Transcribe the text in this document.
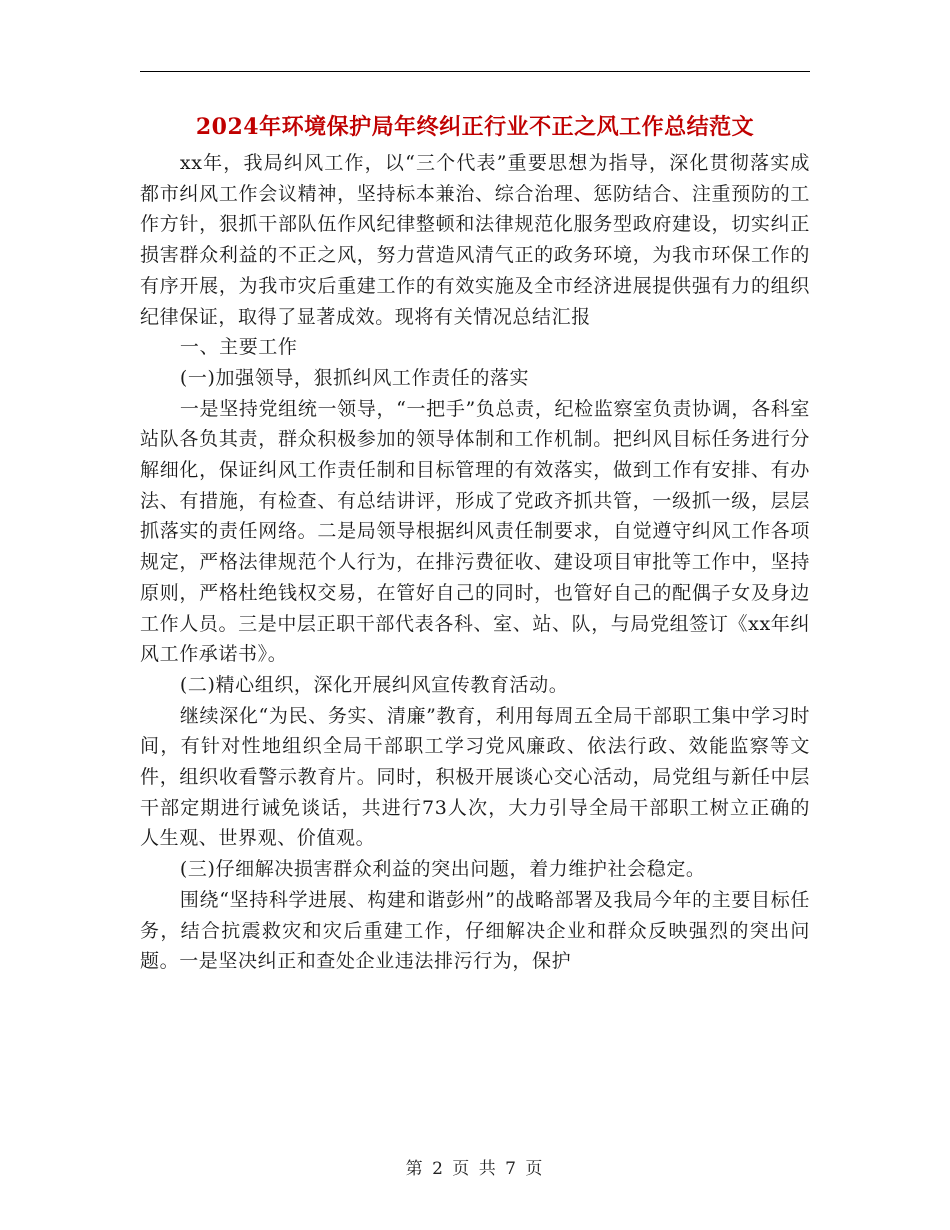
2024年环境保护局年终纠正行业不正之风工作总结范文

xx年，我局纠风工作，以“三个代表”重要思想为指导，深化贯彻落实成都市纠风工作会议精神，坚持标本兼治、综合治理、惩防结合、注重预防的工作方针，狠抓干部队伍作风纪律整顿和法律规范化服务型政府建设，切实纠正损害群众利益的不正之风，努力营造风清气正的政务环境，为我市环保工作的有序开展，为我市灾后重建工作的有效实施及全市经济进展提供强有力的组织纪律保证，取得了显著成效。现将有关情况总结汇报

一、主要工作

(一)加强领导，狠抓纠风工作责任的落实

一是坚持党组统一领导，“一把手”负总责，纪检监察室负责协调，各科室站队各负其责，群众积极参加的领导体制和工作机制。把纠风目标任务进行分解细化，保证纠风工作责任制和目标管理的有效落实，做到工作有安排、有办法、有措施，有检查、有总结讲评，形成了党政齐抓共管，一级抓一级，层层抓落实的责任网络。二是局领导根据纠风责任制要求，自觉遵守纠风工作各项规定，严格法律规范个人行为，在排污费征收、建设项目审批等工作中，坚持原则，严格杜绝钱权交易，在管好自己的同时，也管好自己的配偶子女及身边工作人员。三是中层正职干部代表各科、室、站、队，与局党组签订《xx年纠风工作承诺书》。

(二)精心组织，深化开展纠风宣传教育活动。

继续深化“为民、务实、清廉”教育，利用每周五全局干部职工集中学习时间，有针对性地组织全局干部职工学习党风廉政、依法行政、效能监察等文件，组织收看警示教育片。同时，积极开展谈心交心活动，局党组与新任中层干部定期进行诫免谈话，共进行73人次，大力引导全局干部职工树立正确的人生观、世界观、价值观。

(三)仔细解决损害群众利益的突出问题，着力维护社会稳定。

围绕“坚持科学进展、构建和谐彭州”的战略部署及我局今年的主要目标任务，结合抗震救灾和灾后重建工作，仔细解决企业和群众反映强烈的突出问题。一是坚决纠正和查处企业违法排污行为，保护

第 2 页 共 7 页
